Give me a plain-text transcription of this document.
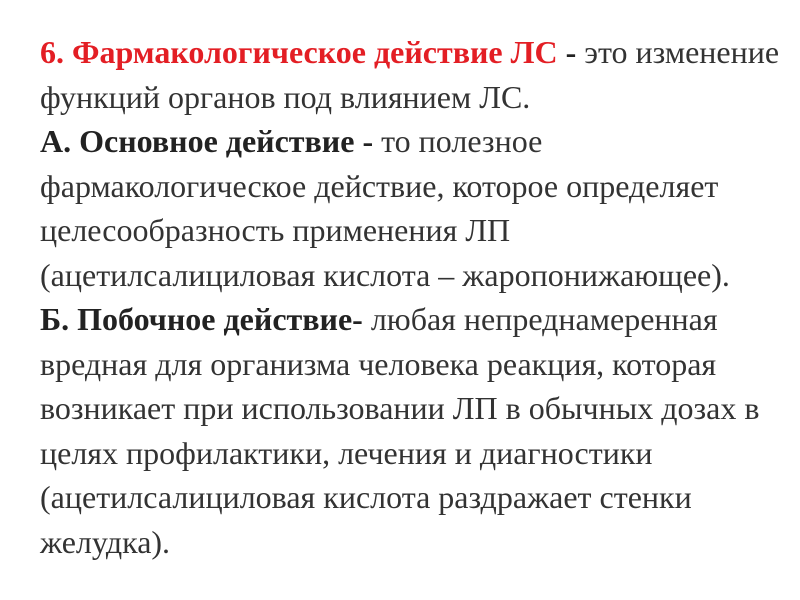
6. Фармакологическое действие ЛС - это изменение функций органов под влиянием ЛС.

А. Основное действие - то полезное фармакологическое действие, которое определяет целесообразность применения ЛП (ацетилсалициловая кислота – жаропонижающее).

Б. Побочное действие- любая непреднамеренная вредная для организма человека реакция, которая возникает при использовании ЛП в обычных дозах в целях профилактики, лечения и диагностики (ацетилсалициловая кислота раздражает стенки желудка).
